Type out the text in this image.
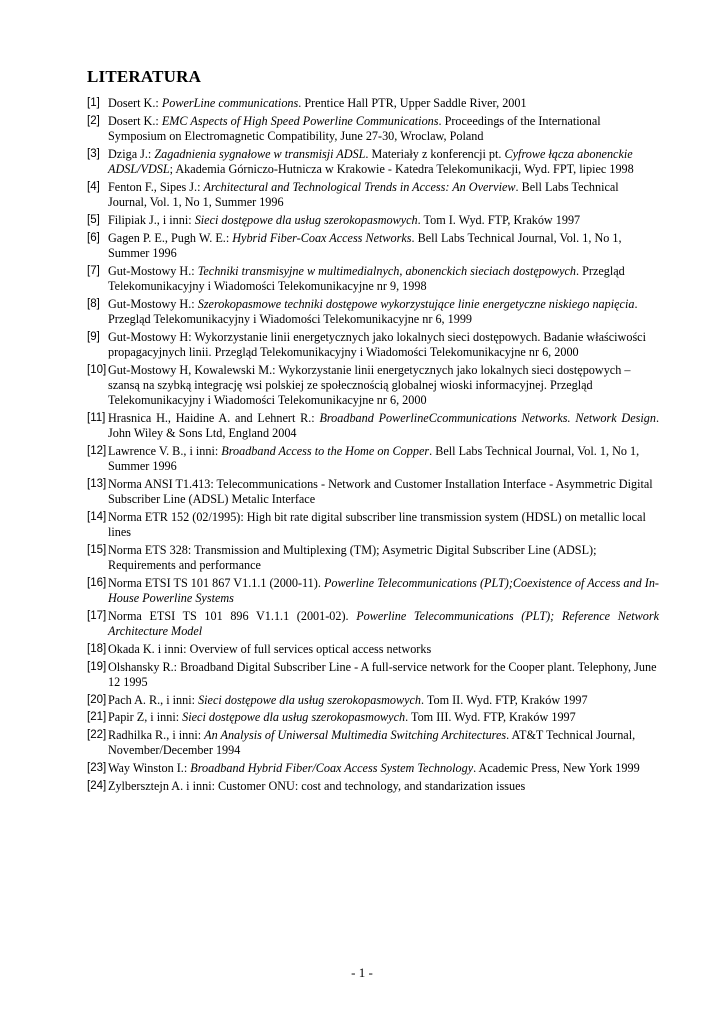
LITERATURA
[1] Dosert K.: PowerLine communications. Prentice Hall PTR, Upper Saddle River, 2001
[2] Dosert K.: EMC Aspects of High Speed Powerline Communications. Proceedings of the International Symposium on Electromagnetic Compatibility, June 27-30, Wroclaw, Poland
[3] Dziga J.: Zagadnienia sygnałowe w transmisji ADSL. Materiały z konferencji pt. Cyfrowe łącza abonenckie ADSL/VDSL; Akademia Górniczo-Hutnicza w Krakowie - Katedra Telekomunikacji, Wyd. FPT, lipiec 1998
[4] Fenton F., Sipes J.: Architectural and Technological Trends in Access: An Overview. Bell Labs Technical Journal, Vol. 1, No 1, Summer 1996
[5] Filipiak J., i inni: Sieci dostępowe dla usług szerokopasmowych. Tom I. Wyd. FTP, Kraków 1997
[6] Gagen P. E., Pugh W. E.: Hybrid Fiber-Coax Access Networks. Bell Labs Technical Journal, Vol. 1, No 1, Summer 1996
[7] Gut-Mostowy H.: Techniki transmisyjne w multimedialnych, abonenckich sieciach dostępowych. Przegląd Telekomunikacyjny i Wiadomości Telekomunikacyjne nr 9, 1998
[8] Gut-Mostowy H.: Szerokopasmowe techniki dostępowe wykorzystujące linie energetyczne niskiego napięcia. Przegląd Telekomunikacyjny i Wiadomości Telekomunikacyjne nr 6, 1999
[9] Gut-Mostowy H: Wykorzystanie linii energetycznych jako lokalnych sieci dostępowych. Badanie właściwości propagacyjnych linii. Przegląd Telekomunikacyjny i Wiadomości Telekomunikacyjne nr 6, 2000
[10] Gut-Mostowy H, Kowalewski M.: Wykorzystanie linii energetycznych jako lokalnych sieci dostępowych – szansą na szybką integrację wsi polskiej ze społecznością globalnej wioski informacyjnej. Przegląd Telekomunikacyjny i Wiadomości Telekomunikacyjne nr 6, 2000
[11] Hrasnica H., Haidine A. and Lehnert R.: Broadband PowerlineCcommunications Networks. Network Design. John Wiley & Sons Ltd, England 2004
[12] Lawrence V. B., i inni: Broadband Access to the Home on Copper. Bell Labs Technical Journal, Vol. 1, No 1, Summer 1996
[13] Norma ANSI T1.413: Telecommunications - Network and Customer Installation Interface - Asymmetric Digital Subscriber Line (ADSL) Metalic Interface
[14] Norma ETR 152 (02/1995): High bit rate digital subscriber line transmission system (HDSL) on metallic local lines
[15] Norma ETS 328: Transmission and Multiplexing (TM); Asymetric Digital Subscriber Line (ADSL); Requirements and performance
[16] Norma ETSI TS 101 867 V1.1.1 (2000-11). Powerline Telecommunications (PLT);Coexistence of Access and In-House Powerline Systems
[17] Norma ETSI TS 101 896 V1.1.1 (2001-02). Powerline Telecommunications (PLT); Reference Network Architecture Model
[18] Okada K. i inni: Overview of full services optical access networks
[19] Olshansky R.: Broadband Digital Subscriber Line - A full-service network for the Cooper plant. Telephony, June 12 1995
[20] Pach A. R., i inni: Sieci dostępowe dla usług szerokopasmowych. Tom II. Wyd. FTP, Kraków 1997
[21] Papir Z, i inni: Sieci dostępowe dla usług szerokopasmowych. Tom III. Wyd. FTP, Kraków 1997
[22] Radhilka R., i inni: An Analysis of Uniwersal Multimedia Switching Architectures. AT&T Technical Journal, November/December 1994
[23] Way Winston I.: Broadband Hybrid Fiber/Coax Access System Technology. Academic Press, New York 1999
[24] Zylbersztejn A. i inni: Customer ONU: cost and technology, and standarization issues
- 1 -
